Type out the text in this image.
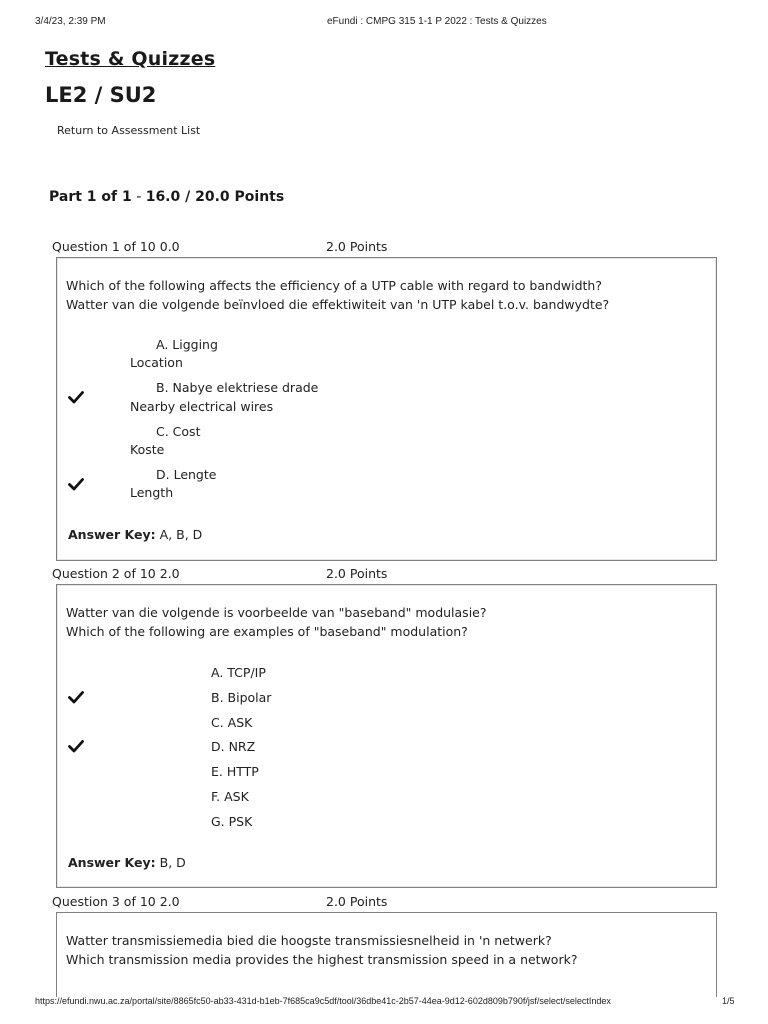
3/4/23, 2:39 PM	eFundi : CMPG 315 1-1 P 2022 : Tests & Quizzes
Tests & Quizzes
LE2 / SU2
Return to Assessment List
Part 1 of 1 - 16.0 / 20.0 Points
Question 1 of 10 0.0	2.0 Points
Which of the following affects the efficiency of a UTP cable with regard to bandwidth?
Watter van die volgende beïnvloed die effektiwiteit van 'n UTP kabel t.o.v. bandwydte?
A. Ligging
Location
B. Nabye elektriese drade
Nearby electrical wires
C. Cost
Koste
D. Lengte
Length
Answer Key: A, B, D
Question 2 of 10 2.0	2.0 Points
Watter van die volgende is voorbeelde van "baseband" modulasie?
Which of the following are examples of "baseband" modulation?
A. TCP/IP
B. Bipolar
C. ASK
D. NRZ
E. HTTP
F. ASK
G. PSK
Answer Key: B, D
Question 3 of 10 2.0	2.0 Points
Watter transmissiemedia bied die hoogste transmissiesnelheid in 'n netwerk?
Which transmission media provides the highest transmission speed in a network?
https://efundi.nwu.ac.za/portal/site/8865fc50-ab33-431d-b1eb-7f685ca9c5df/tool/36dbe41c-2b57-44ea-9d12-602d809b790f/jsf/select/selectIndex	1/5
